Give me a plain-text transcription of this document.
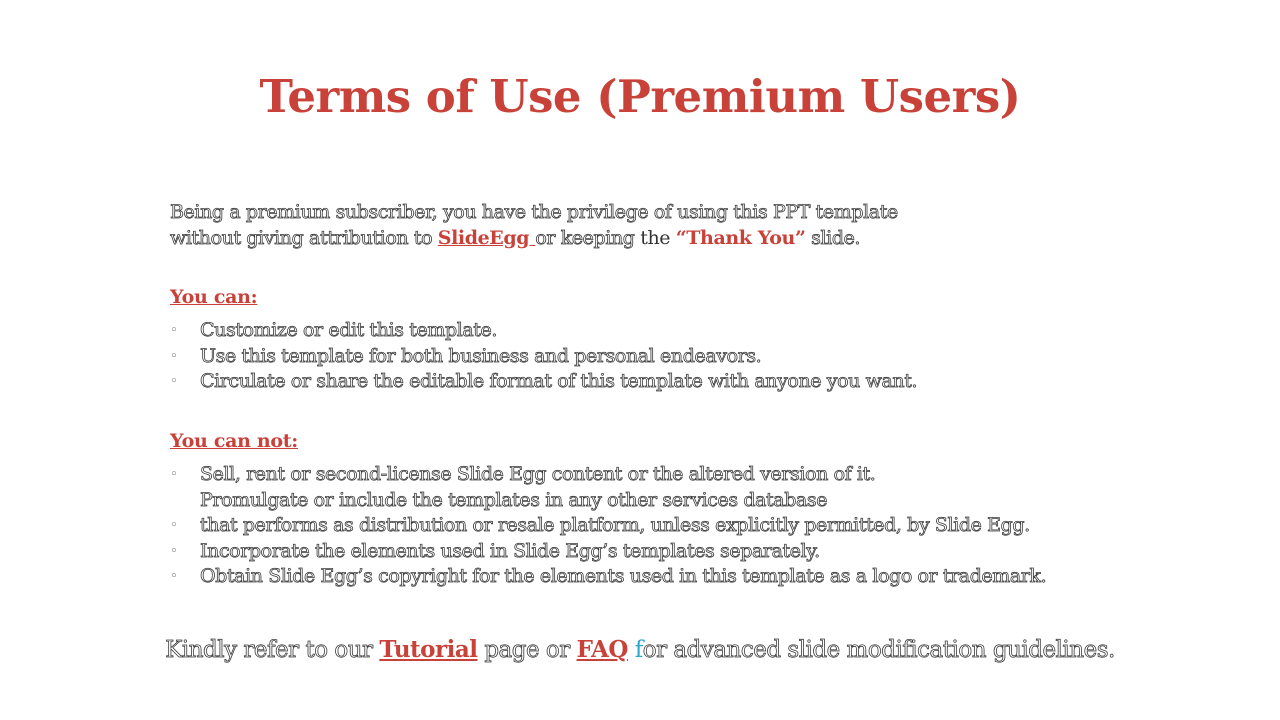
Terms of Use (Premium Users)
Being a premium subscriber, you have the privilege of using this PPT template
without giving attribution to SlideEgg or keeping the “Thank You” slide.
You can:
◦ Customize or edit this template.
◦ Use this template for both business and personal endeavors.
◦ Circulate or share the editable format of this template with anyone you want.
You can not:
◦ Sell, rent or second-license Slide Egg content or the altered version of it.
Promulgate or include the templates in any other services database
◦ that performs as distribution or resale platform, unless explicitly permitted, by Slide Egg.
◦ Incorporate the elements used in Slide Egg’s templates separately.
◦ Obtain Slide Egg’s copyright for the elements used in this template as a logo or trademark.
Kindly refer to our Tutorial page or FAQ for advanced slide modification guidelines.
